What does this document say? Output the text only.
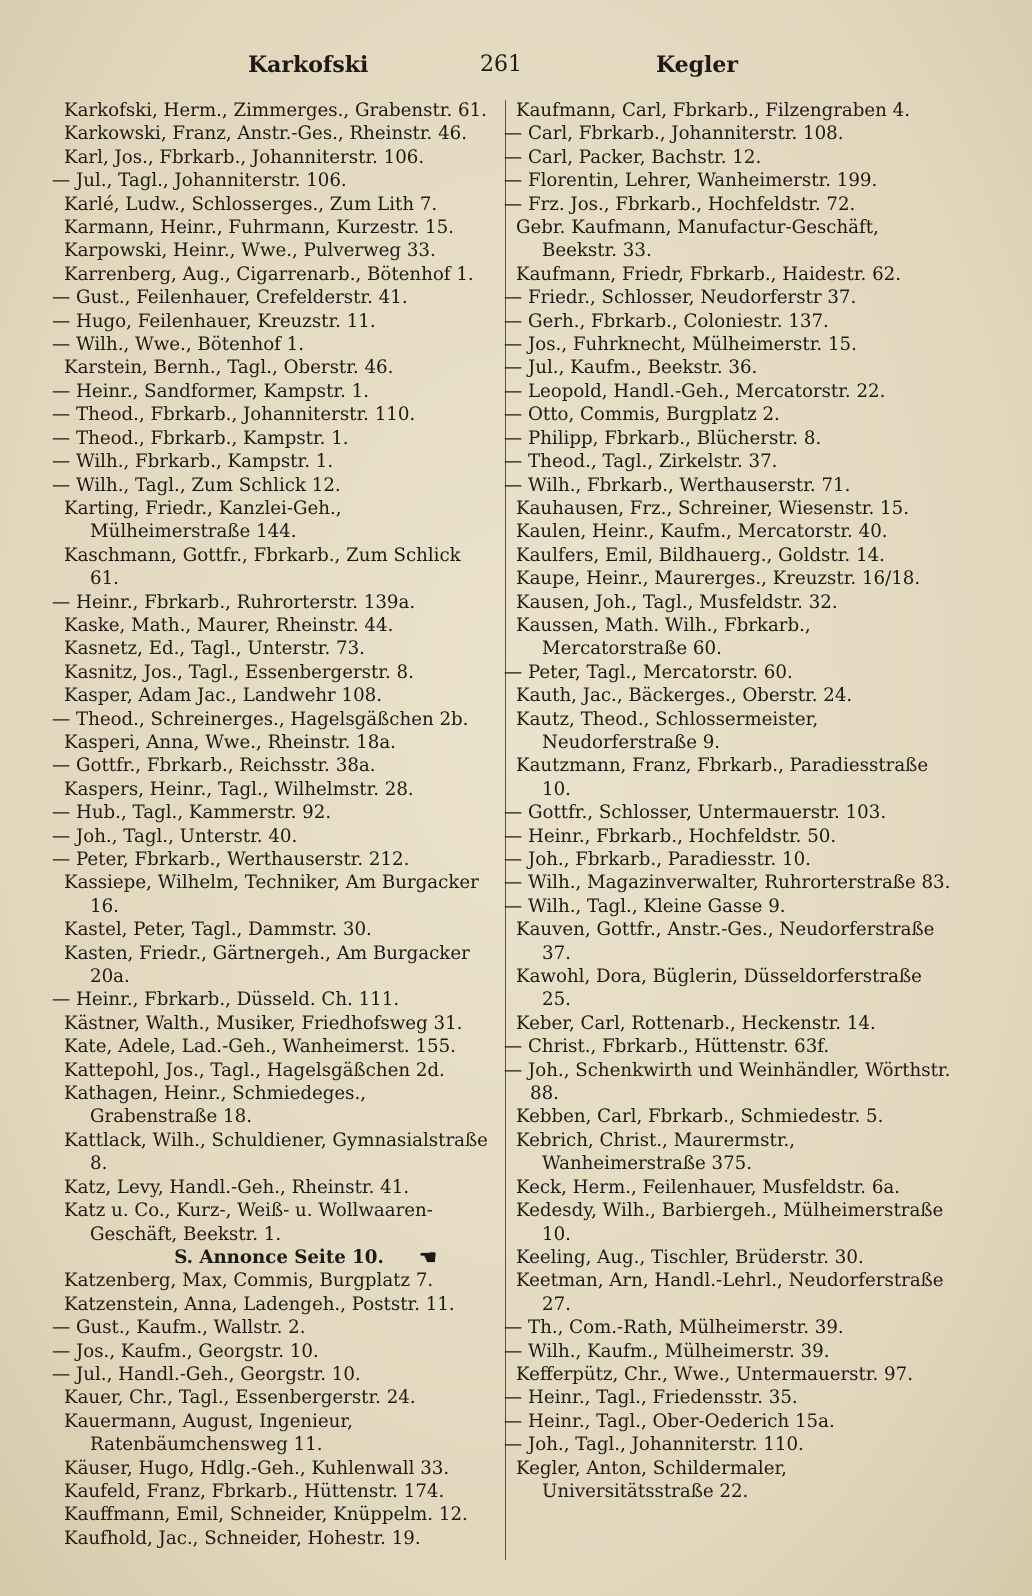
Karkofski	261	Kegler

Karkofski, Herm., Zimmerges., Grabenstr. 61.

Karkowski, Franz, Anstr.-Ges., Rheinstr. 46.

Karl, Jos., Fbrkarb., Johanniterstr. 106.

— Jul., Tagl., Johanniterstr. 106.

Karlé, Ludw., Schlosserges., Zum Lith 7.

Karmann, Heinr., Fuhrmann, Kurzestr. 15.

Karpowski, Heinr., Wwe., Pulverweg 33.

Karrenberg, Aug., Cigarrenarb., Bötenhof 1.

— Gust., Feilenhauer, Crefelderstr. 41.

— Hugo, Feilenhauer, Kreuzstr. 11.

— Wilh., Wwe., Bötenhof 1.

Karstein, Bernh., Tagl., Oberstr. 46.

— Heinr., Sandformer, Kampstr. 1.

— Theod., Fbrkarb., Johanniterstr. 110.

— Theod., Fbrkarb., Kampstr. 1.

— Wilh., Fbrkarb., Kampstr. 1.

— Wilh., Tagl., Zum Schlick 12.

Karting, Friedr., Kanzlei-Geh., Mülheimerstraße 144.

Kaschmann, Gottfr., Fbrkarb., Zum Schlick 61.

— Heinr., Fbrkarb., Ruhrorterstr. 139a.

Kaske, Math., Maurer, Rheinstr. 44.

Kasnetz, Ed., Tagl., Unterstr. 73.

Kasnitz, Jos., Tagl., Essenbergerstr. 8.

Kasper, Adam Jac., Landwehr 108.

— Theod., Schreinerges., Hagelsgäßchen 2b.

Kasperi, Anna, Wwe., Rheinstr. 18a.

— Gottfr., Fbrkarb., Reichsstr. 38a.

Kaspers, Heinr., Tagl., Wilhelmstr. 28.

— Hub., Tagl., Kammerstr. 92.

— Joh., Tagl., Unterstr. 40.

— Peter, Fbrkarb., Werthauserstr. 212.

Kassiepe, Wilhelm, Techniker, Am Burgacker 16.

Kastel, Peter, Tagl., Dammstr. 30.

Kasten, Friedr., Gärtnergeh., Am Burgacker 20a.

— Heinr., Fbrkarb., Düsseld. Ch. 111.

Kästner, Walth., Musiker, Friedhofsweg 31.

Kate, Adele, Lad.-Geh., Wanheimerst. 155.

Kattepohl, Jos., Tagl., Hagelsgäßchen 2d.

Kathagen, Heinr., Schmiedeges., Grabenstraße 18.

Kattlack, Wilh., Schuldiener, Gymnasialstraße 8.

Katz, Levy, Handl.-Geh., Rheinstr. 41.

Katz u. Co., Kurz-, Weiß- u. Wollwaaren-Geschäft, Beekstr. 1.

S. Annonce Seite 10. ☚

Katzenberg, Max, Commis, Burgplatz 7.

Katzenstein, Anna, Ladengeh., Poststr. 11.

— Gust., Kaufm., Wallstr. 2.

— Jos., Kaufm., Georgstr. 10.

— Jul., Handl.-Geh., Georgstr. 10.

Kauer, Chr., Tagl., Essenbergerstr. 24.

Kauermann, August, Ingenieur, Ratenbäumchensweg 11.

Käuser, Hugo, Hdlg.-Geh., Kuhlenwall 33.

Kaufeld, Franz, Fbrkarb., Hüttenstr. 174.

Kauffmann, Emil, Schneider, Knüppelm. 12.

Kaufhold, Jac., Schneider, Hohestr. 19.

Kaufmann, Carl, Fbrkarb., Filzengraben 4.

— Carl, Fbrkarb., Johanniterstr. 108.

— Carl, Packer, Bachstr. 12.

— Florentin, Lehrer, Wanheimerstr. 199.

— Frz. Jos., Fbrkarb., Hochfeldstr. 72.

Gebr. Kaufmann, Manufactur-Geschäft, Beekstr. 33.

Kaufmann, Friedr, Fbrkarb., Haidestr. 62.

— Friedr., Schlosser, Neudorferstr 37.

— Gerh., Fbrkarb., Coloniestr. 137.

— Jos., Fuhrknecht, Mülheimerstr. 15.

— Jul., Kaufm., Beekstr. 36.

— Leopold, Handl.-Geh., Mercatorstr. 22.

— Otto, Commis, Burgplatz 2.

— Philipp, Fbrkarb., Blücherstr. 8.

— Theod., Tagl., Zirkelstr. 37.

— Wilh., Fbrkarb., Werthauserstr. 71.

Kauhausen, Frz., Schreiner, Wiesenstr. 15.

Kaulen, Heinr., Kaufm., Mercatorstr. 40.

Kaulfers, Emil, Bildhauerg., Goldstr. 14.

Kaupe, Heinr., Maurerges., Kreuzstr. 16/18.

Kausen, Joh., Tagl., Musfeldstr. 32.

Kaussen, Math. Wilh., Fbrkarb., Mercatorstraße 60.

— Peter, Tagl., Mercatorstr. 60.

Kauth, Jac., Bäckerges., Oberstr. 24.

Kautz, Theod., Schlossermeister, Neudorferstraße 9.

Kautzmann, Franz, Fbrkarb., Paradiesstraße 10.

— Gottfr., Schlosser, Untermauerstr. 103.

— Heinr., Fbrkarb., Hochfeldstr. 50.

— Joh., Fbrkarb., Paradiesstr. 10.

— Wilh., Magazinverwalter, Ruhrorterstraße 83.

— Wilh., Tagl., Kleine Gasse 9.

Kauven, Gottfr., Anstr.-Ges., Neudorferstraße 37.

Kawohl, Dora, Büglerin, Düsseldorferstraße 25.

Keber, Carl, Rottenarb., Heckenstr. 14.

— Christ., Fbrkarb., Hüttenstr. 63f.

— Joh., Schenkwirth und Weinhändler, Wörthstr. 88.

Kebben, Carl, Fbrkarb., Schmiedestr. 5.

Kebrich, Christ., Maurermstr., Wanheimerstraße 375.

Keck, Herm., Feilenhauer, Musfeldstr. 6a.

Kedesdy, Wilh., Barbiergeh., Mülheimerstraße 10.

Keeling, Aug., Tischler, Brüderstr. 30.

Keetman, Arn, Handl.-Lehrl., Neudorferstraße 27.

— Th., Com.-Rath, Mülheimerstr. 39.

— Wilh., Kaufm., Mülheimerstr. 39.

Kefferpütz, Chr., Wwe., Untermauerstr. 97.

— Heinr., Tagl., Friedensstr. 35.

— Heinr., Tagl., Ober-Oederich 15a.

— Joh., Tagl., Johanniterstr. 110.

Kegler, Anton, Schildermaler, Universitätsstraße 22.
